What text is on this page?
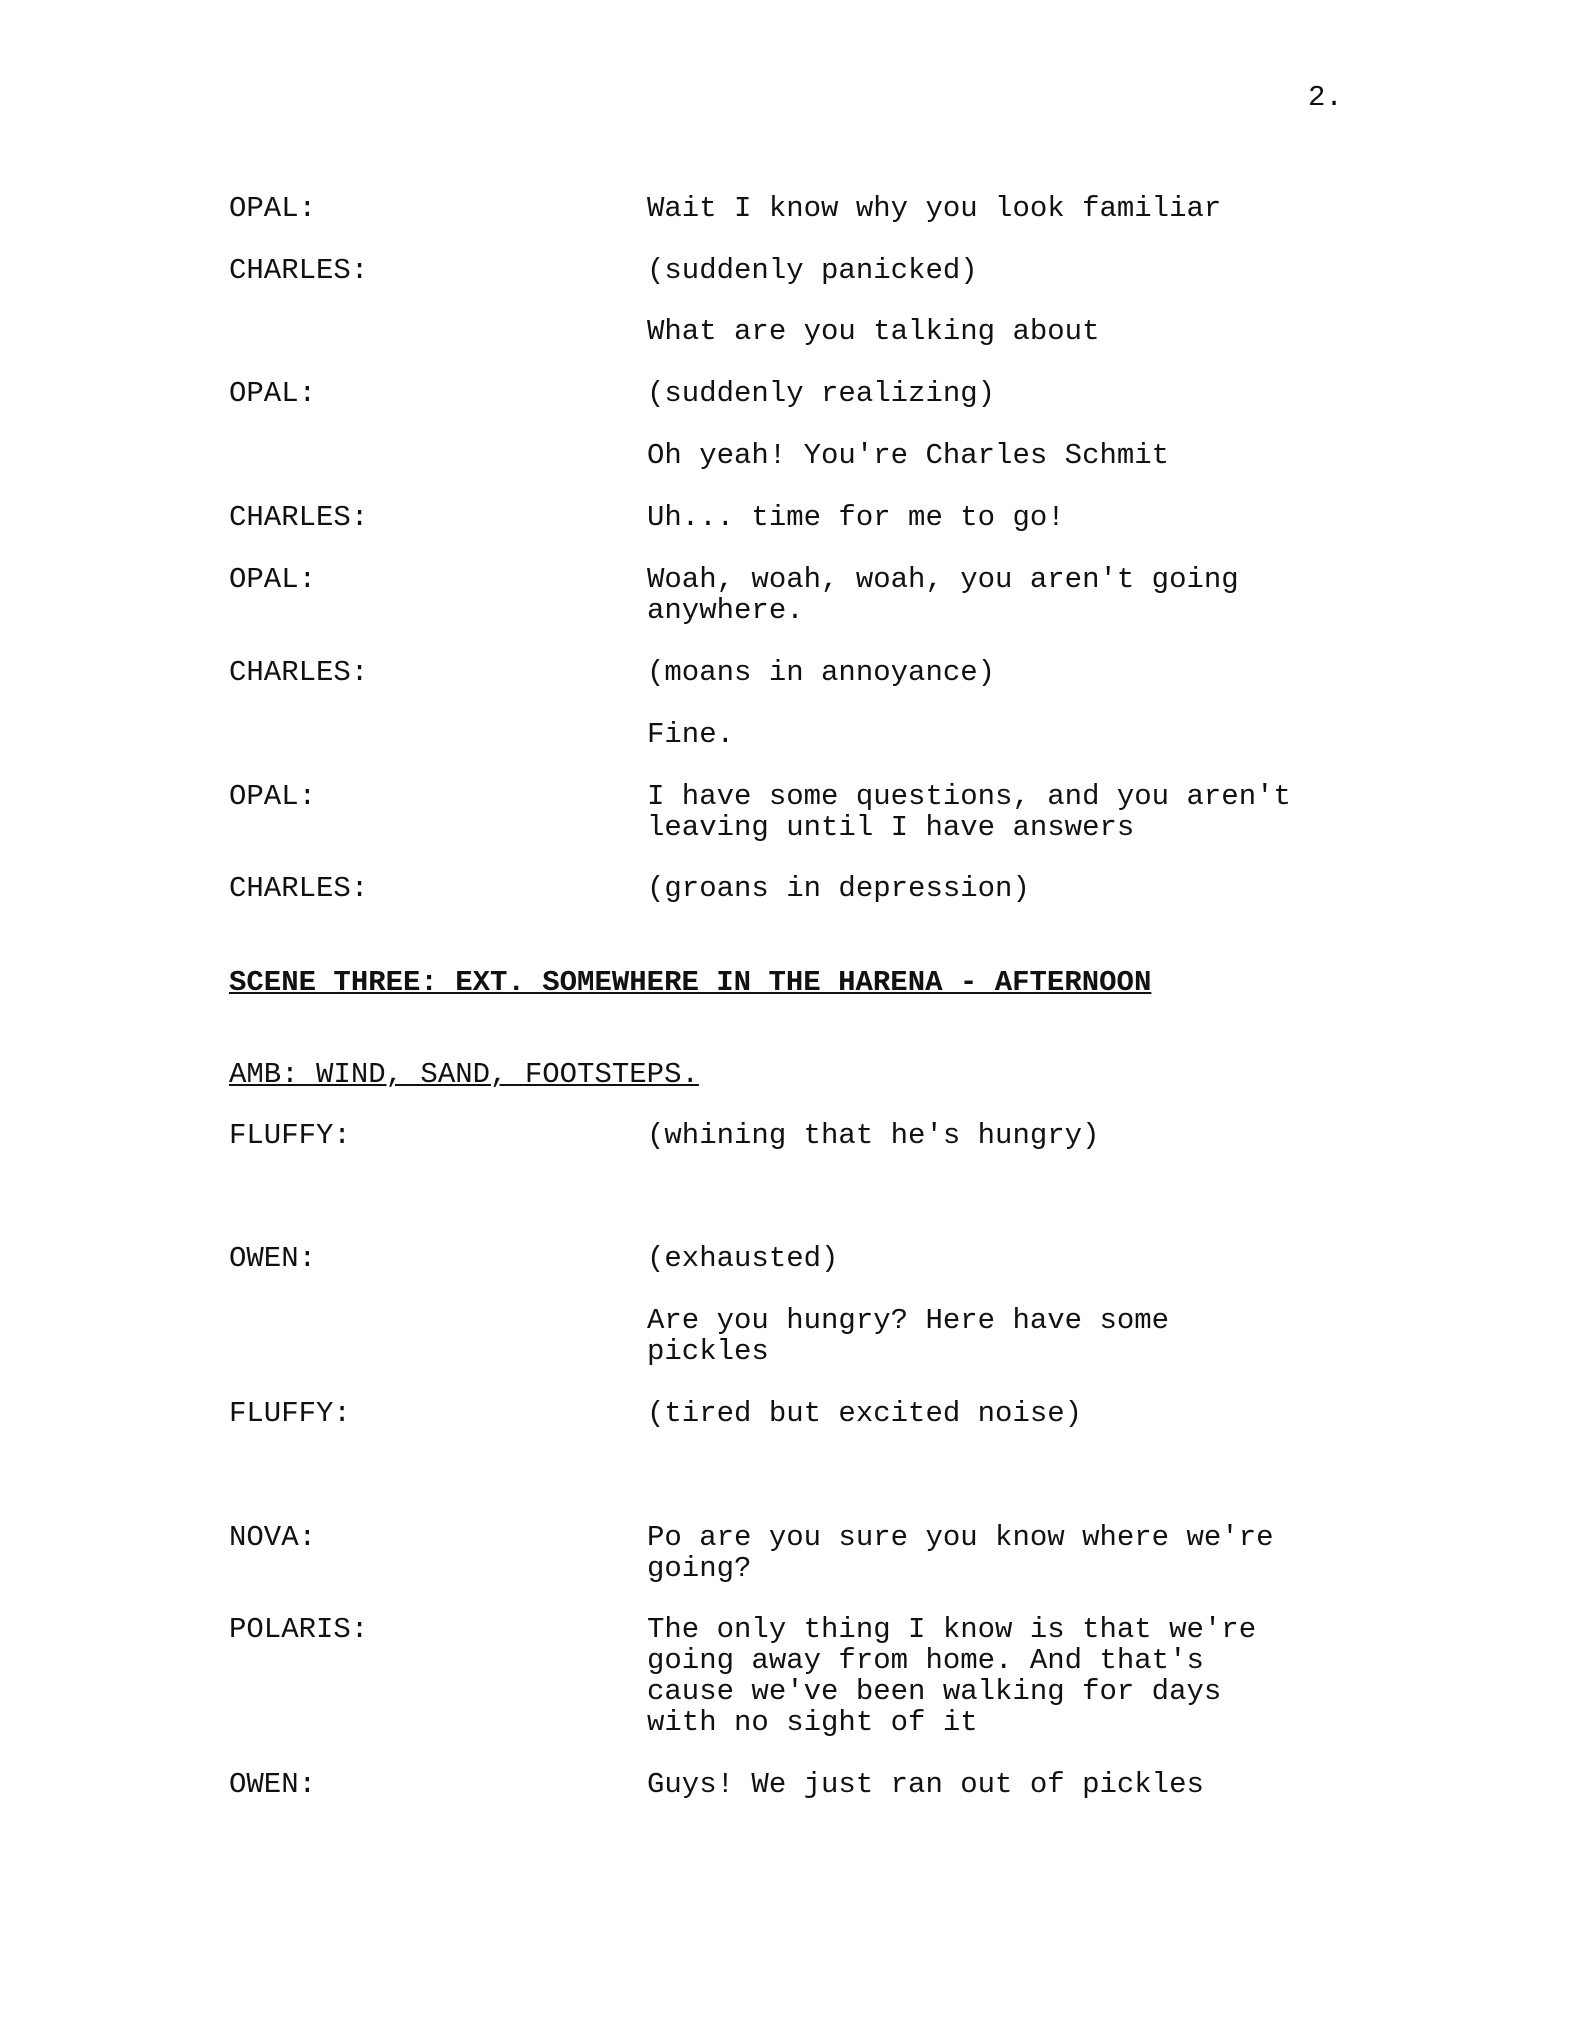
2.
OPAL:	Wait I know why you look familiar
CHARLES:	(suddenly panicked)
What are you talking about
OPAL:	(suddenly realizing)
Oh yeah! You're Charles Schmit
CHARLES:	Uh... time for me to go!
OPAL:	Woah, woah, woah, you aren't going
anywhere.
CHARLES:	(moans in annoyance)
Fine.
OPAL:	I have some questions, and you aren't
leaving until I have answers
CHARLES:	(groans in depression)
SCENE THREE: EXT. SOMEWHERE IN THE HARENA - AFTERNOON
AMB: WIND, SAND, FOOTSTEPS.
FLUFFY:	(whining that he's hungry)
OWEN:	(exhausted)
Are you hungry? Here have some
pickles
FLUFFY:	(tired but excited noise)
NOVA:	Po are you sure you know where we're
going?
POLARIS:	The only thing I know is that we're
going away from home. And that's
cause we've been walking for days
with no sight of it
OWEN:	Guys! We just ran out of pickles
